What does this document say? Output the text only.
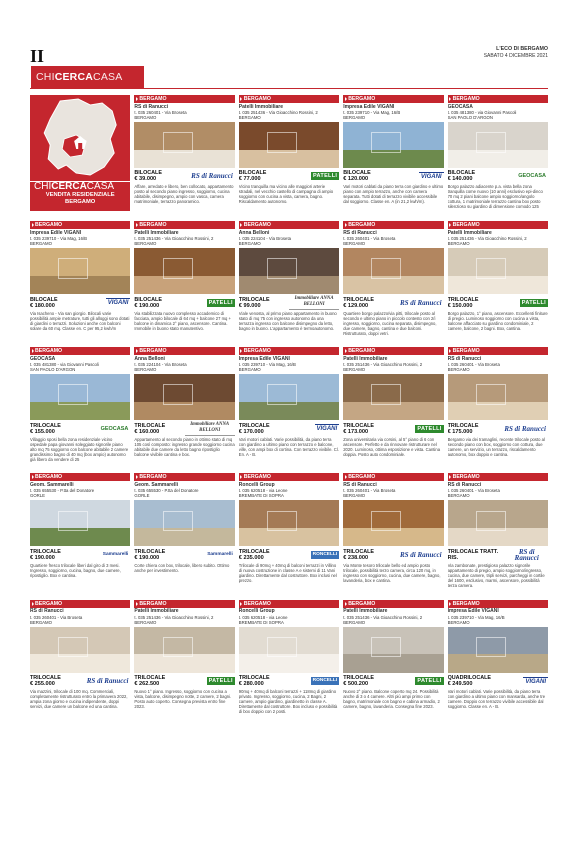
II	L'ECO DI BERGAMO
SABATO 4 DICEMBRE 2021
CHI CERCA CASA
CHICERCACASA
VENDITA RESIDENZIALE
BERGAMO
BERGAMO
RS di Ranucci
t. 035 260401 - Via Broseta
BERGAMO
BILOCALE
€ 39.000	RS di Ranucci
Affare, arredato e libero, ben collocato, appartamento posto al secondo piano ingresso, soggiorno, cucina abitabile, disimpegno, ampio con vasca, camera matrimoniale, terrazzo panoramico.
BERGAMO
Patelli Immobiliare
t. 035 251436 - Via Gioacchino Rossini, 2
BERGAMO
BILOCALE
€ 77.000	PATELLI
Vicino tranquilla ma vicino alle maggiori arterie stradali, nel vecchio castello di campagna di ampio soggiorno con cucina a vista, camera, bagno. Riscaldamento autonomo.
BERGAMO
Impresa Edile VIGANI
t. 035 239710 - Via Mag, 16/B
BERGAMO
BILOCALE
€ 120.000	VIGANI
Vari motori cablati da piano terra con giardino e ultimo piano con ampio terrazzo, anche con camera separata. Tutti dotati di terrazzo vivibile accessibile dal soggiorno. Classe en. A (in 21,2 kwh/m).
BERGAMO
GEOCASA
t. 035 481380 - via Giovanni Pascoli
SAN PAOLO D'ARGON
BILOCALE
€ 140.000	GEOCASA
Borgo palazzo adiacente p.a. vista bella zona tranquilla come nuovo (10 anni) esclusivo epi-dinco 70 mq 2 piani balcone ampio soggiorno/angolo cottura, 1 matrimoniale terrazzo cantina box posto silenzioso su giardino di dimensione comodo 125
BERGAMO
Impresa Edile VIGANI
t. 035 239710 - Via Mag, 16/B
BERGAMO
BILOCALE
€ 180.000	VIGANI
Via Isacheno - Via san giorgio. Bilocali varie possibilità ampie metrature, tutti gli alloggi sono dotati di giardini o terrazzi. Soluzioni anche con balconi solare da 60 mq. Classe en. C per 95,2 kwh/m
BERGAMO
Patelli Immobiliare
t. 035 251436 - Via Gioacchino Rossini, 2
BERGAMO
BILOCALE
€ 190.000	PATELLI
Via stabilizzata nuovo complesso accademico di facciata, ampio bilocale di 64 mq + balcone 27 mq + balcone in dinamica 2° piano, ascensore. Cantina. Immobile in buono stato manutentivo.
BERGAMO
Anna Belloni
t. 035 224104 - Via Broseta
BERGAMO
TRILOCALE
€ 99.000
Immobiliare ANNA BELLONI
Viale venosta, al primo piano appartamento in buono stato di mq 75 con ingresso autonomo da una terrazza ingresso con balcone disimpegno da letto, bagno in buono. L'appartamento è termoautonomo.
BERGAMO
RS di Ranucci
t. 035 260401 - Via Broseta
BERGAMO
TRILOCALE
€ 129.000	RS di Ranucci
Quartiere borgo palazzo/via pitti, trilocale posto al secondo e ultimo piano in piccolo contesto con 2/i ingresso, soggiorno, cucina separata, disimpegno, due camere, bagno, cantina e due balconi. Ristrutturato, doppi vetri.
BERGAMO
Patelli Immobiliare
t. 035 251436 - Via Gioacchino Rossini, 2
BERGAMO
TRILOCALE
€ 150.000	PATELLI
Borgo palazzo, 1° piano, ascensore. Eccellenti finiture di pregio. Luminoso soggiorno con cucina a vista, balcone affacciato su giardino condominiale, 2 camere, balcone, 2 bagni. Box, cantina.
BERGAMO
GEOCASA
t. 035 481380 - via Giovanni Pascoli
SAN PAOLO D'ARGON
TRILOCALE
€ 155.000	GEOCASA
Villaggio sposi bella zona residenziale vicino ospedale papa giovanni soleggiato signorile piano alto mq 75 soggiorno con balcone abitabile 2 camere grandissimo bagno di 40 mq (box ampio) autonomo già libero da vendere di 25
BERGAMO
Anna Belloni
t. 035 224104 - Via Broseta
BERGAMO
TRILOCALE
€ 160.000
Immobiliare ANNA BELLONI
Appartamento al secondo piano in ottimo stato di mq 105 così composto: ingresso grande soggiorno cucina abitabile due camere da letto bagno ripostiglio balcone vivibile cantina e box.
BERGAMO
Impresa Edile VIGANI
t. 035 239710 - Via Mag, 16/B
BERGAMO
TRILOCALE
€ 170.000	VIGANI
Vari motori cablati. Varie possibilità, da piano terra con giardino a ultimo piano con terrazzo e balcone, ville, con ampi box di cortina. Con terrazzo vivibile. Cl. En. A - B.
BERGAMO
Patelli Immobiliare
t. 035 251436 - Via Gioacchino Rossini, 2
BERGAMO
TRILOCALE
€ 173.000	PATELLI
Zona universitaria via corsini, al 5° piano di 6 con ascensore. Perfetto e da rinnovare ristrutturare nel 2020. Luminoso, ottima esposizione e vista. Cantina doppia. Posto auto condominiale.
BERGAMO
RS di Ranucci
t. 035 260401 - Via Broseta
BERGAMO
TRILOCALE
€ 175.000	RS di Ranucci
Bergamo via dei tramaglini, recente trilocale posto al secondo piano con box, soggiorno con cottura, due camere, un servizio, un terrazzo, riscaldamento autonomo, box doppio e cantina.
BERGAMO
Geom. Sammarelli
t. 035 655530 - P.tta del Donatore
GORLE
TRILOCALE
€ 190.000
Sammarelli
Quartiere fresco trilocale liberi dal giro di 3 mesi. Ingresso, soggiorno, cucina, bagno, due camere, ripostiglio. Box e cantina.
BERGAMO
Geom. Sammarelli
t. 035 655530 - P.tta del Donatore
GORLE
TRILOCALE
€ 190.000
Sammarelli
Corte chiera con box, trilocale, libero subito. Ottimo anche per investimento.
BERGAMO
Roncelli Group
t. 035 620518 - via Leone
BREMBATE DI SOPRA
TRILOCALE
€ 235.000
RONCELLI
Trilocale di 90mq + 40mq di balconi terrazzi in Villino di nuova costruzione in classe A e sistemi di 11 Vani giardino. Direttamente dal costruttore. Box inclusi nel prezzo.
BERGAMO
RS di Ranucci
t. 035 260401 - Via Broseta
BERGAMO
TRILOCALE
€ 238.000	RS di Ranucci
Via Monte tesoro trilocale bello ed ampio posto trilocale, possibilità terzo camera, circa 120 mq, in ingresso con soggiorno, cucina, due camere, bagno, lavanderia, box e cantina.
BERGAMO
RS di Ranucci
t. 035 260401 - Via Broseta
BERGAMO
TRILOCALE TRATT. RIS.
RS di Ranucci
Via zambonate, prestigioso palazzo signorile appartamento di pregio, ampio soggiorno/ingresso, cucina, due camere, tripli servizi, parcheggi in cortile del 1600, esclusivo, marmi, ascensore, possibilità terza camera.
BERGAMO
RS di Ranucci
t. 035 260401 - Via Broseta
BERGAMO
TRILOCALE
€ 255.000	RS di Ranucci
Via mazzini, trilocale di 100 mq. Commerciali, completamente ristrutturato entro la primavera 2022, ampia zona giorno e cucina indipendente, doppi servizi, due camere un balcone ed una cantina.
BERGAMO
Patelli Immobiliare
t. 035 251436 - Via Gioacchino Rossini, 2
BERGAMO
TRILOCALE
€ 262.500	PATELLI
Nuovo 1° piano. Ingresso, soggiorno con cucina a vista, balcone, disimpegno notte, 2 camere, 2 bagni. Posto auto coperto. Consegna prevista entro fine 2023.
BERGAMO
Roncelli Group
t. 035 620518 - via Leone
BREMBATE DI SOPRA
TRILOCALE
€ 280.000
RONCELLI
90mq + 40mq di balconi terrazzi + 118mq di giardino privato. Ingresso, soggiorno, cucina, 2 Bagni, 2 camere, ampio giardino, giardinetto in classe A. Direttamente dal costruttore. Box incluso e possibilità di box doppio con 2 posti.
BERGAMO
Patelli Immobiliare
t. 035 251436 - Via Gioacchino Rossini, 2
BERGAMO
TRILOCALE
€ 500.200	PATELLI
Nuovo 2° piano. Balcone coperto mq 24. Possibilità anche di 3 o 4 camere. Altri più ampi primo con bagno, matrimoniale con bagno e cabina armadio, 2 camere, bagno, lavanderia. Consegna fine 2023.
BERGAMO
Impresa Edile VIGANI
t. 035 239710 - Via Mag, 16/B
BERGAMO
QUADRILOCALE
€ 249.500	VIGANI
Vari motori cablati. Varie possibilità, da piano terra con giardino a ultimo piano con mansarda, anche tre camere. Doppio con terrazzo vivibile accessibile dal soggiorno. Classe en. A - B.
